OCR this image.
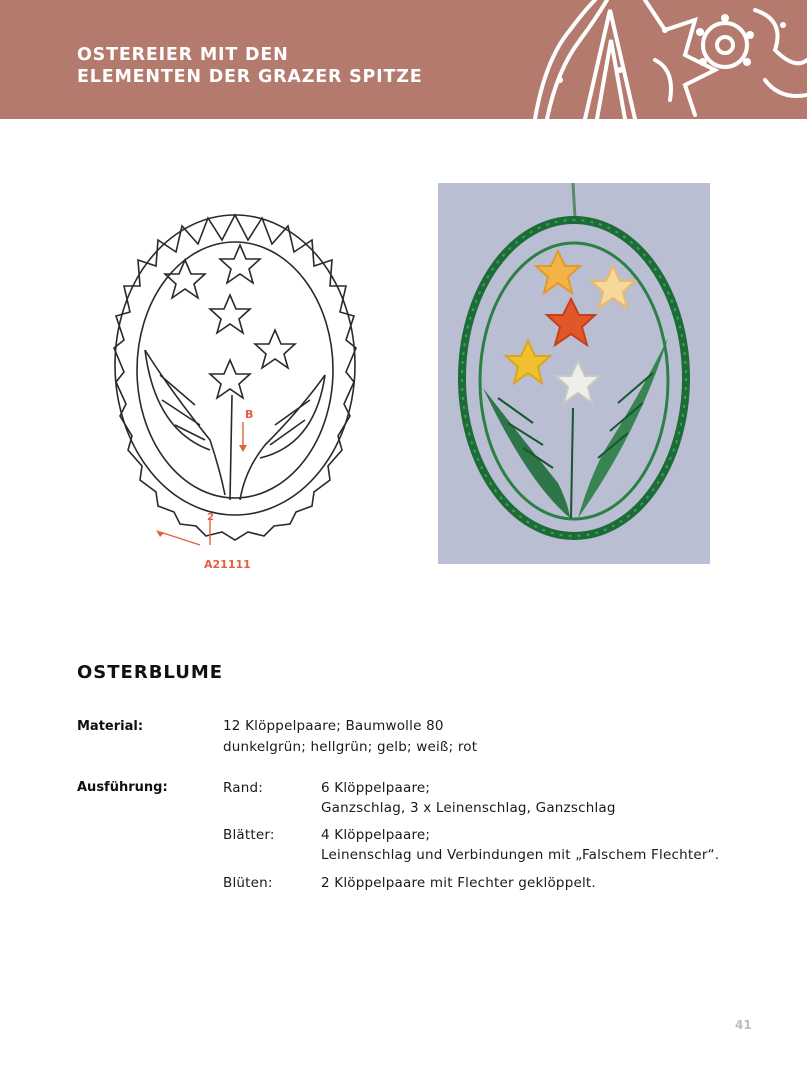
OSTEREIER MIT DEN
ELEMENTEN DER GRAZER SPITZE
B
2
A21111
OSTERBLUME
Material:	12 Klöppelpaare; Baumwolle 80
dunkelgrün; hellgrün; gelb; weiß; rot
Ausführung:	Rand:	6 Klöppelpaare;
Ganzschlag, 3 x Leinenschlag, Ganzschlag
Blätter:	4 Klöppelpaare;
Leinenschlag und Verbindungen mit „Falschem Flechter“.
Blüten:	2 Klöppelpaare mit Flechter geklöppelt.
41
